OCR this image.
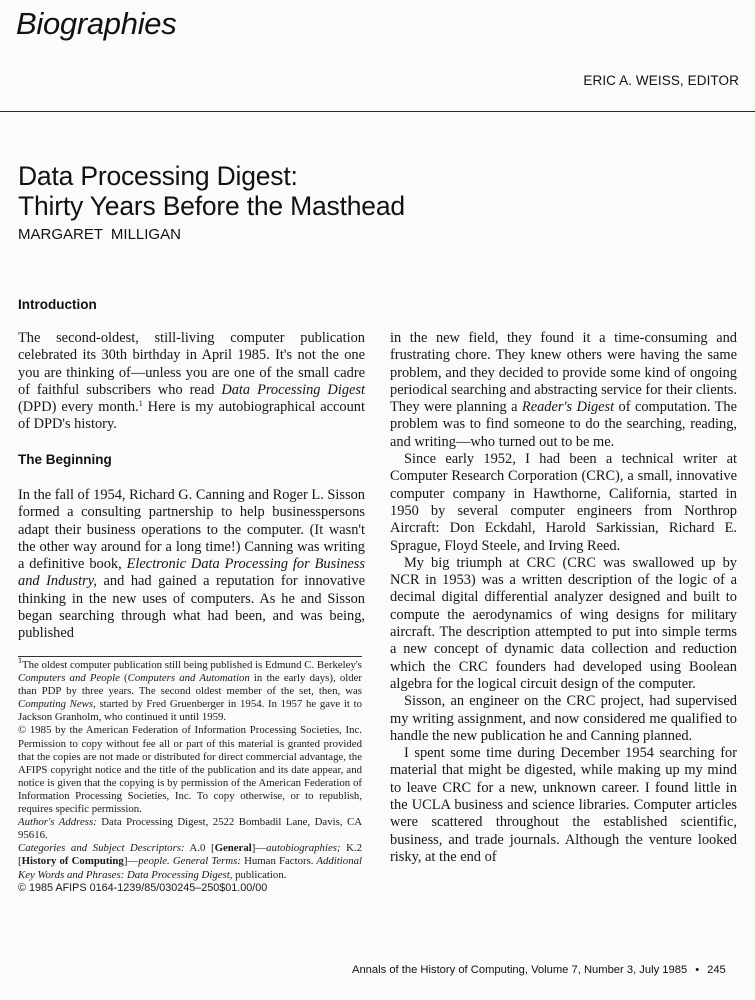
Biographies
ERIC A. WEISS, EDITOR
Data Processing Digest:
Thirty Years Before the Masthead
MARGARET MILLIGAN
Introduction

The second-oldest, still-living computer publication celebrated its 30th birthday in April 1985. It's not the one you are thinking of—unless you are one of the small cadre of faithful subscribers who read Data Processing Digest (DPD) every month.$^1$ Here is my autobiographical account of DPD's history.

The Beginning

In the fall of 1954, Richard G. Canning and Roger L. Sisson formed a consulting partnership to help businesspersons adapt their business operations to the computer. (It wasn't the other way around for a long time!) Canning was writing a definitive book, Electronic Data Processing for Business and Industry, and had gained a reputation for innovative thinking in the new uses of computers. As he and Sisson began searching through what had been, and was being, published

$^1$The oldest computer publication still being published is Edmund C. Berkeley's Computers and People (Computers and Automation in the early days), older than PDP by three years. The second oldest member of the set, then, was Computing News, started by Fred Gruenberger in 1954. In 1957 he gave it to Jackson Granholm, who continued it until 1959.

© 1985 by the American Federation of Information Processing Societies, Inc. Permission to copy without fee all or part of this material is granted provided that the copies are not made or distributed for direct commercial advantage, the AFIPS copyright notice and the title of the publication and its date appear, and notice is given that the copying is by permission of the American Federation of Information Processing Societies, Inc. To copy otherwise, or to republish, requires specific permission.

Author's Address: Data Processing Digest, 2522 Bombadil Lane, Davis, CA 95616.

Categories and Subject Descriptors: A.0 [General]—autobiographies; K.2 [History of Computing]—people. General Terms: Human Factors. Additional Key Words and Phrases: Data Processing Digest, publication.

© 1985 AFIPS 0164-1239/85/030245–250$01.00/00

in the new field, they found it a time-consuming and frustrating chore. They knew others were having the same problem, and they decided to provide some kind of ongoing periodical searching and abstracting service for their clients. They were planning a Reader's Digest of computation. The problem was to find someone to do the searching, reading, and writing—who turned out to be me.

Since early 1952, I had been a technical writer at Computer Research Corporation (CRC), a small, innovative computer company in Hawthorne, California, started in 1950 by several computer engineers from Northrop Aircraft: Don Eckdahl, Harold Sarkissian, Richard E. Sprague, Floyd Steele, and Irving Reed.

My big triumph at CRC (CRC was swallowed up by NCR in 1953) was a written description of the logic of a decimal digital differential analyzer designed and built to compute the aerodynamics of wing designs for military aircraft. The description attempted to put into simple terms a new concept of dynamic data collection and reduction which the CRC founders had developed using Boolean algebra for the logical circuit design of the computer.

Sisson, an engineer on the CRC project, had supervised my writing assignment, and now considered me qualified to handle the new publication he and Canning planned.

I spent some time during December 1954 searching for material that might be digested, while making up my mind to leave CRC for a new, unknown career. I found little in the UCLA business and science libraries. Computer articles were scattered throughout the established scientific, business, and trade journals. Although the venture looked risky, at the end of

Annals of the History of Computing, Volume 7, Number 3, July 1985 • 245
